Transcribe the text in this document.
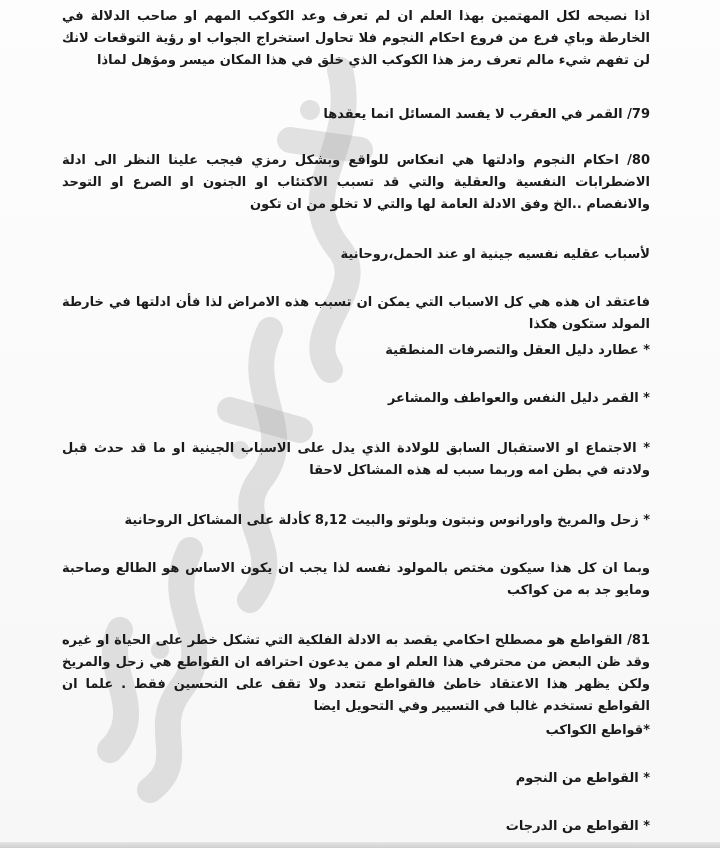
اذا نصيحه لكل المهتمين بهذا العلم ان لم تعرف وعد الكوكب المهم او صاحب الدلالة في الخارطة وباي فرع من فروع احكام النجوم فلا تحاول استخراج الجواب او رؤية التوقعات لانك لن تفهم شيء مالم تعرف رمز هذا الكوكب الذي خلق في هذا المكان ميسر ومؤهل لماذا

79/ القمر في العقرب لا يفسد المسائل انما يعقدها

80/ احكام النجوم وادلتها هي انعكاس للواقع وبشكل رمزي فيجب علينا النظر الى ادلة الاضطرابات النفسية والعقلية والتي قد تسبب الاكتئاب او الجنون او الصرع او التوحد والانفصام ..الخ وفق الادلة العامة لها والتي لا تخلو من ان تكون

لأسباب عقليه نفسيه جينية او عند الحمل،روحانية

فاعتقد ان هذه هي كل الاسباب التي يمكن ان تسبب هذه الامراض لذا فأن ادلتها في خارطة المولد ستكون هكذا

* عطارد دليل العقل والتصرفات المنطقية

* القمر دليل النفس والعواطف والمشاعر

* الاجتماع او الاستقبال السابق للولادة الذي يدل على الاسباب الجينية او ما قد حدث قبل ولادته في بطن امه وربما سبب له هذه المشاكل لاحقا

* زحل والمريخ واورانوس ونبتون وبلوتو والبيت 8,12 كأدلة على المشاكل الروحانية

وبما ان كل هذا سيكون مختص بالمولود نفسه لذا يجب ان يكون الاساس هو الطالع وصاحبة ومايو جد به من كواكب

81/ القواطع هو مصطلح احكامي يقصد به الادلة الفلكية التي تشكل خطر على الحياة او غيره وقد ظن البعض من محترفي هذا العلم او ممن يدعون احترافه ان القواطع هي زحل والمريخ ولكن يظهر هذا الاعتقاد خاطئ فالقواطع تتعدد ولا تقف على النحسين فقط . علما ان القواطع تستخدم غالبا في التسيير وفي التحويل ايضا

*قواطع الكواكب

* القواطع من النجوم

* القواطع من الدرجات
